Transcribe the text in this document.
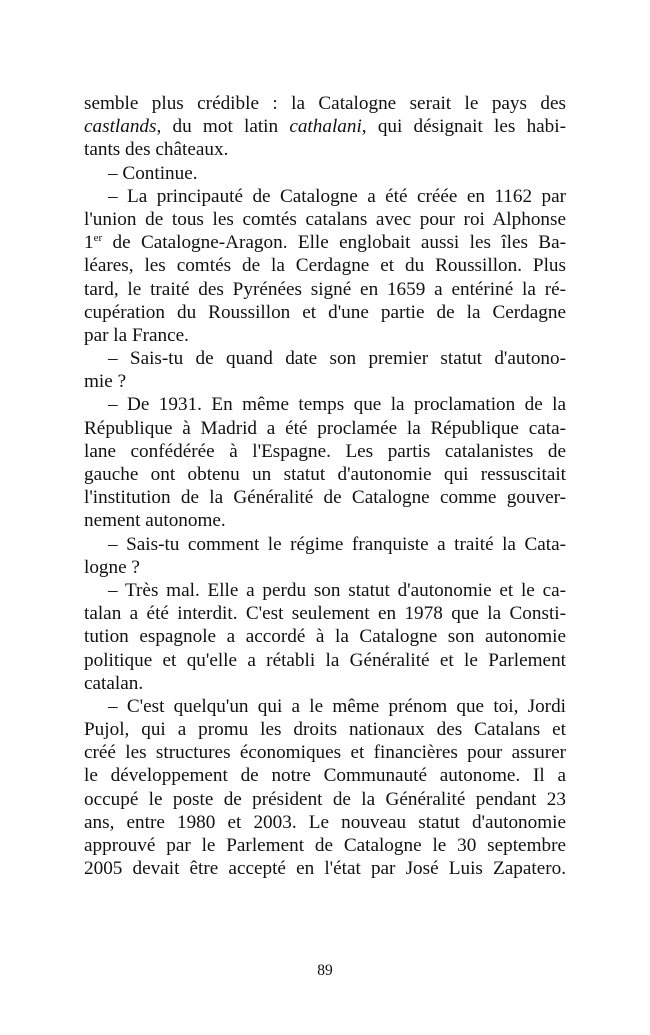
semble plus crédible : la Catalogne serait le pays des
castlands, du mot latin cathalani, qui désignait les habi-
tants des châteaux.
– Continue.
– La principauté de Catalogne a été créée en 1162 par
l'union de tous les comtés catalans avec pour roi Alphonse
1er de Catalogne-Aragon. Elle englobait aussi les îles Ba-
léares, les comtés de la Cerdagne et du Roussillon. Plus
tard, le traité des Pyrénées signé en 1659 a entériné la ré-
cupération du Roussillon et d'une partie de la Cerdagne
par la France.
– Sais-tu de quand date son premier statut d'autono-
mie ?
– De 1931. En même temps que la proclamation de la
République à Madrid a été proclamée la République cata-
lane confédérée à l'Espagne. Les partis catalanistes de
gauche ont obtenu un statut d'autonomie qui ressuscitait
l'institution de la Généralité de Catalogne comme gouver-
nement autonome.
– Sais-tu comment le régime franquiste a traité la Cata-
logne ?
– Très mal. Elle a perdu son statut d'autonomie et le ca-
talan a été interdit. C'est seulement en 1978 que la Consti-
tution espagnole a accordé à la Catalogne son autonomie
politique et qu'elle a rétabli la Généralité et le Parlement
catalan.
– C'est quelqu'un qui a le même prénom que toi, Jordi
Pujol, qui a promu les droits nationaux des Catalans et
créé les structures économiques et financières pour assurer
le développement de notre Communauté autonome. Il a
occupé le poste de président de la Généralité pendant 23
ans, entre 1980 et 2003. Le nouveau statut d'autonomie
approuvé par le Parlement de Catalogne le 30 septembre
2005 devait être accepté en l'état par José Luis Zapatero.
89
